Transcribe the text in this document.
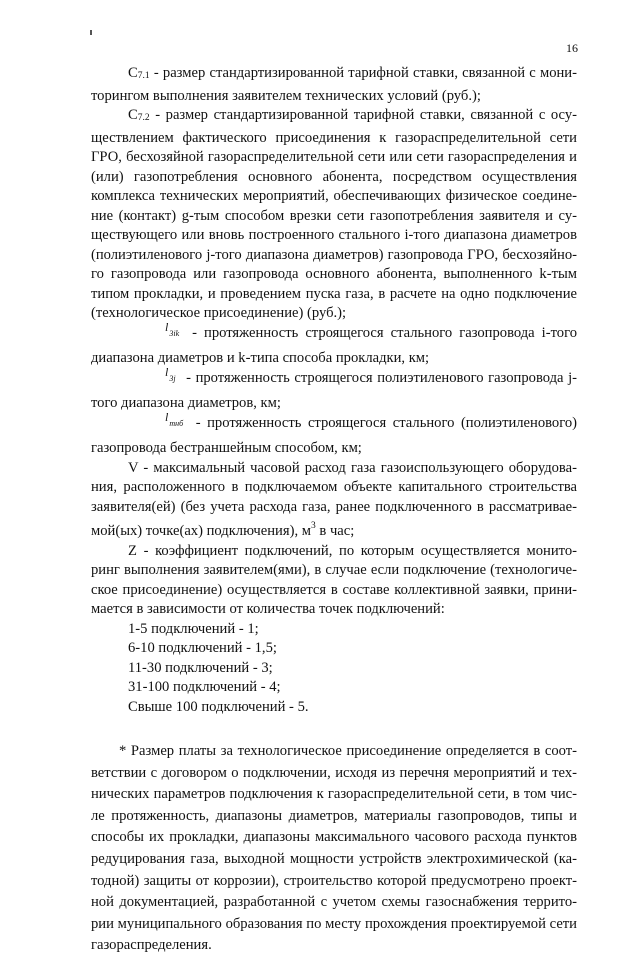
16

C7.1 - размер стандартизированной тарифной ставки, связанной с мониторингом выполнения заявителем технических условий (руб.);

C7.2 - размер стандартизированной тарифной ставки, связанной с осуществлением фактического присоединения к газораспределительной сети ГРО, бесхозяйной газораспределительной сети или сети газораспределения и (или) газопотребления основного абонента, посредством осуществления комплекса технических мероприятий, обеспечивающих физическое соединение (контакт) g-тым способом врезки сети газопотребления заявителя и существующего или вновь построенного стального i-того диапазона диаметров (полиэтиленового j-того диапазона диаметров) газопровода ГРО, бесхозяйного газопровода или газопровода основного абонента, выполненного k-тым типом прокладки, и проведением пуска газа, в расчете на одно подключение (технологическое присоединение) (руб.);

$l_{3ik}$ - протяженность строящегося стального газопровода i-того диапазона диаметров и k-типа способа прокладки, км;

$l_{3j}$ - протяженность строящегося полиэтиленового газопровода j-того диапазона диаметров, км;

$l_{тнб}$ - протяженность строящегося стального (полиэтиленового) газопровода бестраншейным способом, км;

V - максимальный часовой расход газа газоиспользующего оборудования, расположенного в подключаемом объекте капитального строительства заявителя(ей) (без учета расхода газа, ранее подключенного в рассматриваемой(ых) точке(ах) подключения), $м^3$ в час;

Z - коэффициент подключений, по которым осуществляется мониторинг выполнения заявителем(ями), в случае если подключение (технологическое присоединение) осуществляется в составе коллективной заявки, принимается в зависимости от количества точек подключений:

1-5 подключений - 1;
6-10 подключений - 1,5;
11-30 подключений - 3;
31-100 подключений - 4;
Свыше 100 подключений - 5.

* Размер платы за технологическое присоединение определяется в соответствии с договором о подключении, исходя из перечня мероприятий и технических параметров подключения к газораспределительной сети, в том числе протяженность, диапазоны диаметров, материалы газопроводов, типы и способы их прокладки, диапазоны максимального часового расхода пунктов редуцирования газа, выходной мощности устройств электрохимической (катодной) защиты от коррозии), строительство которой предусмотрено проектной документацией, разработанной с учетом схемы газоснабжения территории муниципального образования по месту прохождения проектируемой сети газораспределения.
